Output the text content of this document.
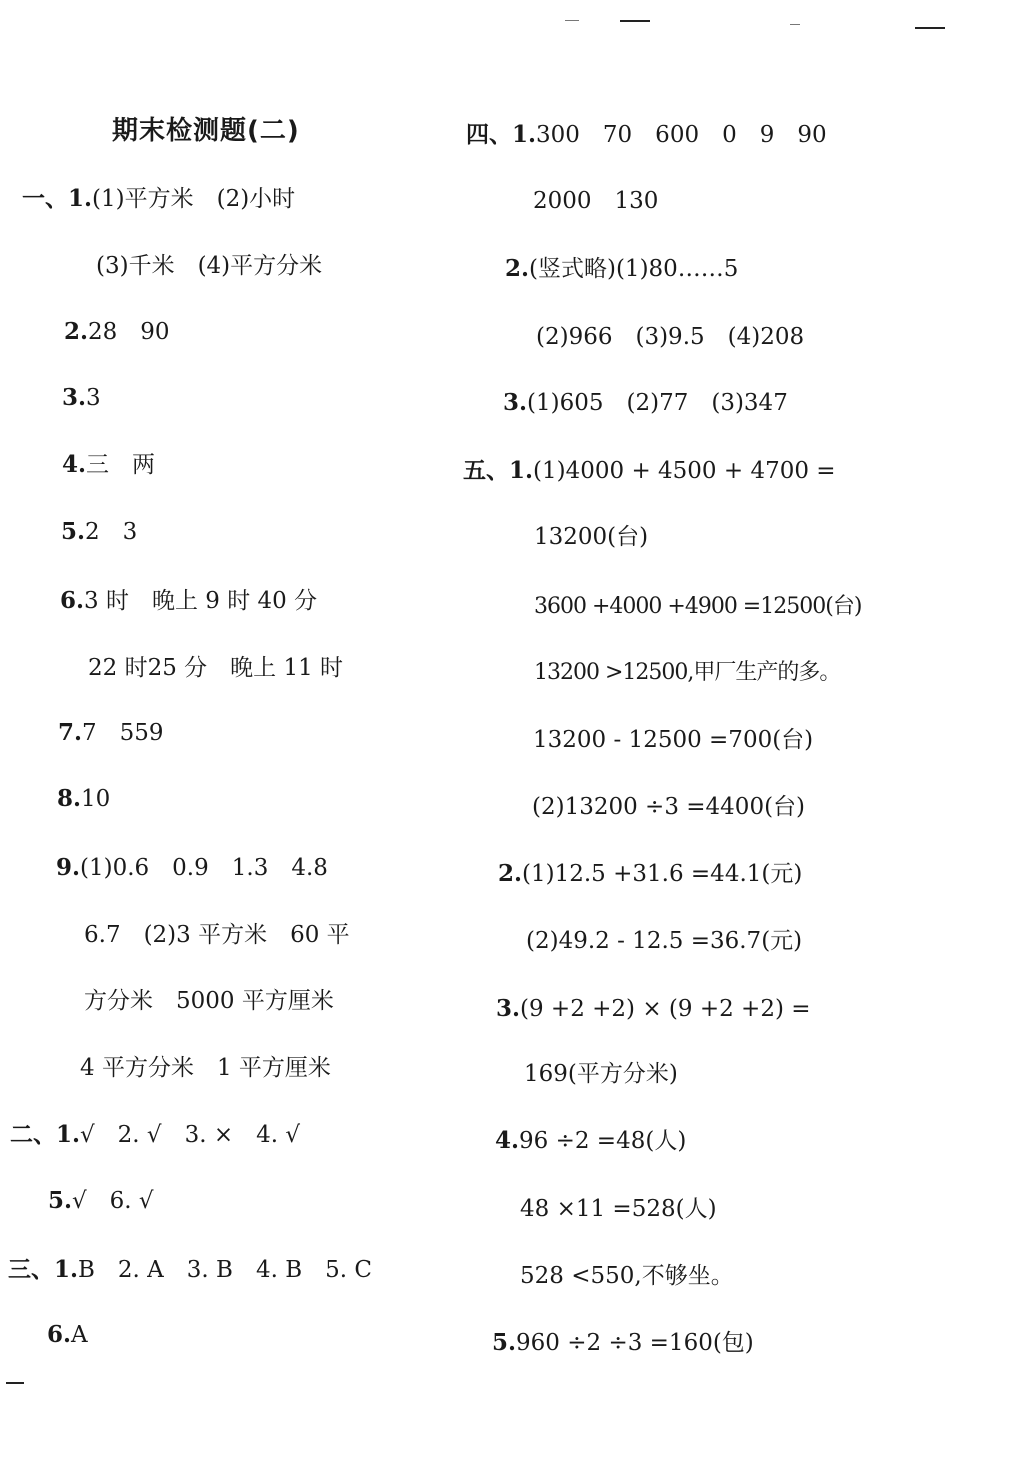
期末检测题(二)
一、1.(1)平方米　(2)小时
(3)千米　(4)平方分米
2.28　90
3.3
4.三　两
5.2　3
6.3 时　晚上 9 时 40 分
22 时25 分　晚上 11 时
7.7　559
8.10
9.(1)0.6　0.9　1.3　4.8
6.7　(2)3 平方米　60 平
方分米　5000 平方厘米
4 平方分米　1 平方厘米
二、1.√　2. √　3. ×　4. √
5.√　6. √
三、1.B　2. A　3. B　4. B　5. C
6.A
四、1.300　70　600　0　9　90
2000　130
2.(竖式略)(1)80……5
(2)966　(3)9.5　(4)208
3.(1)605　(2)77　(3)347
五、1.(1)4000 + 4500 + 4700 =
13200(台)
3600 +4000 +4900 =12500(台)
13200 >12500,甲厂生产的多。
13200 - 12500 =700(台)
(2)13200 ÷3 =4400(台)
2.(1)12.5 +31.6 =44.1(元)
(2)49.2 - 12.5 =36.7(元)
3.(9 +2 +2) × (9 +2 +2) =
169(平方分米)
4.96 ÷2 =48(人)
48 ×11 =528(人)
528 <550,不够坐。
5.960 ÷2 ÷3 =160(包)
